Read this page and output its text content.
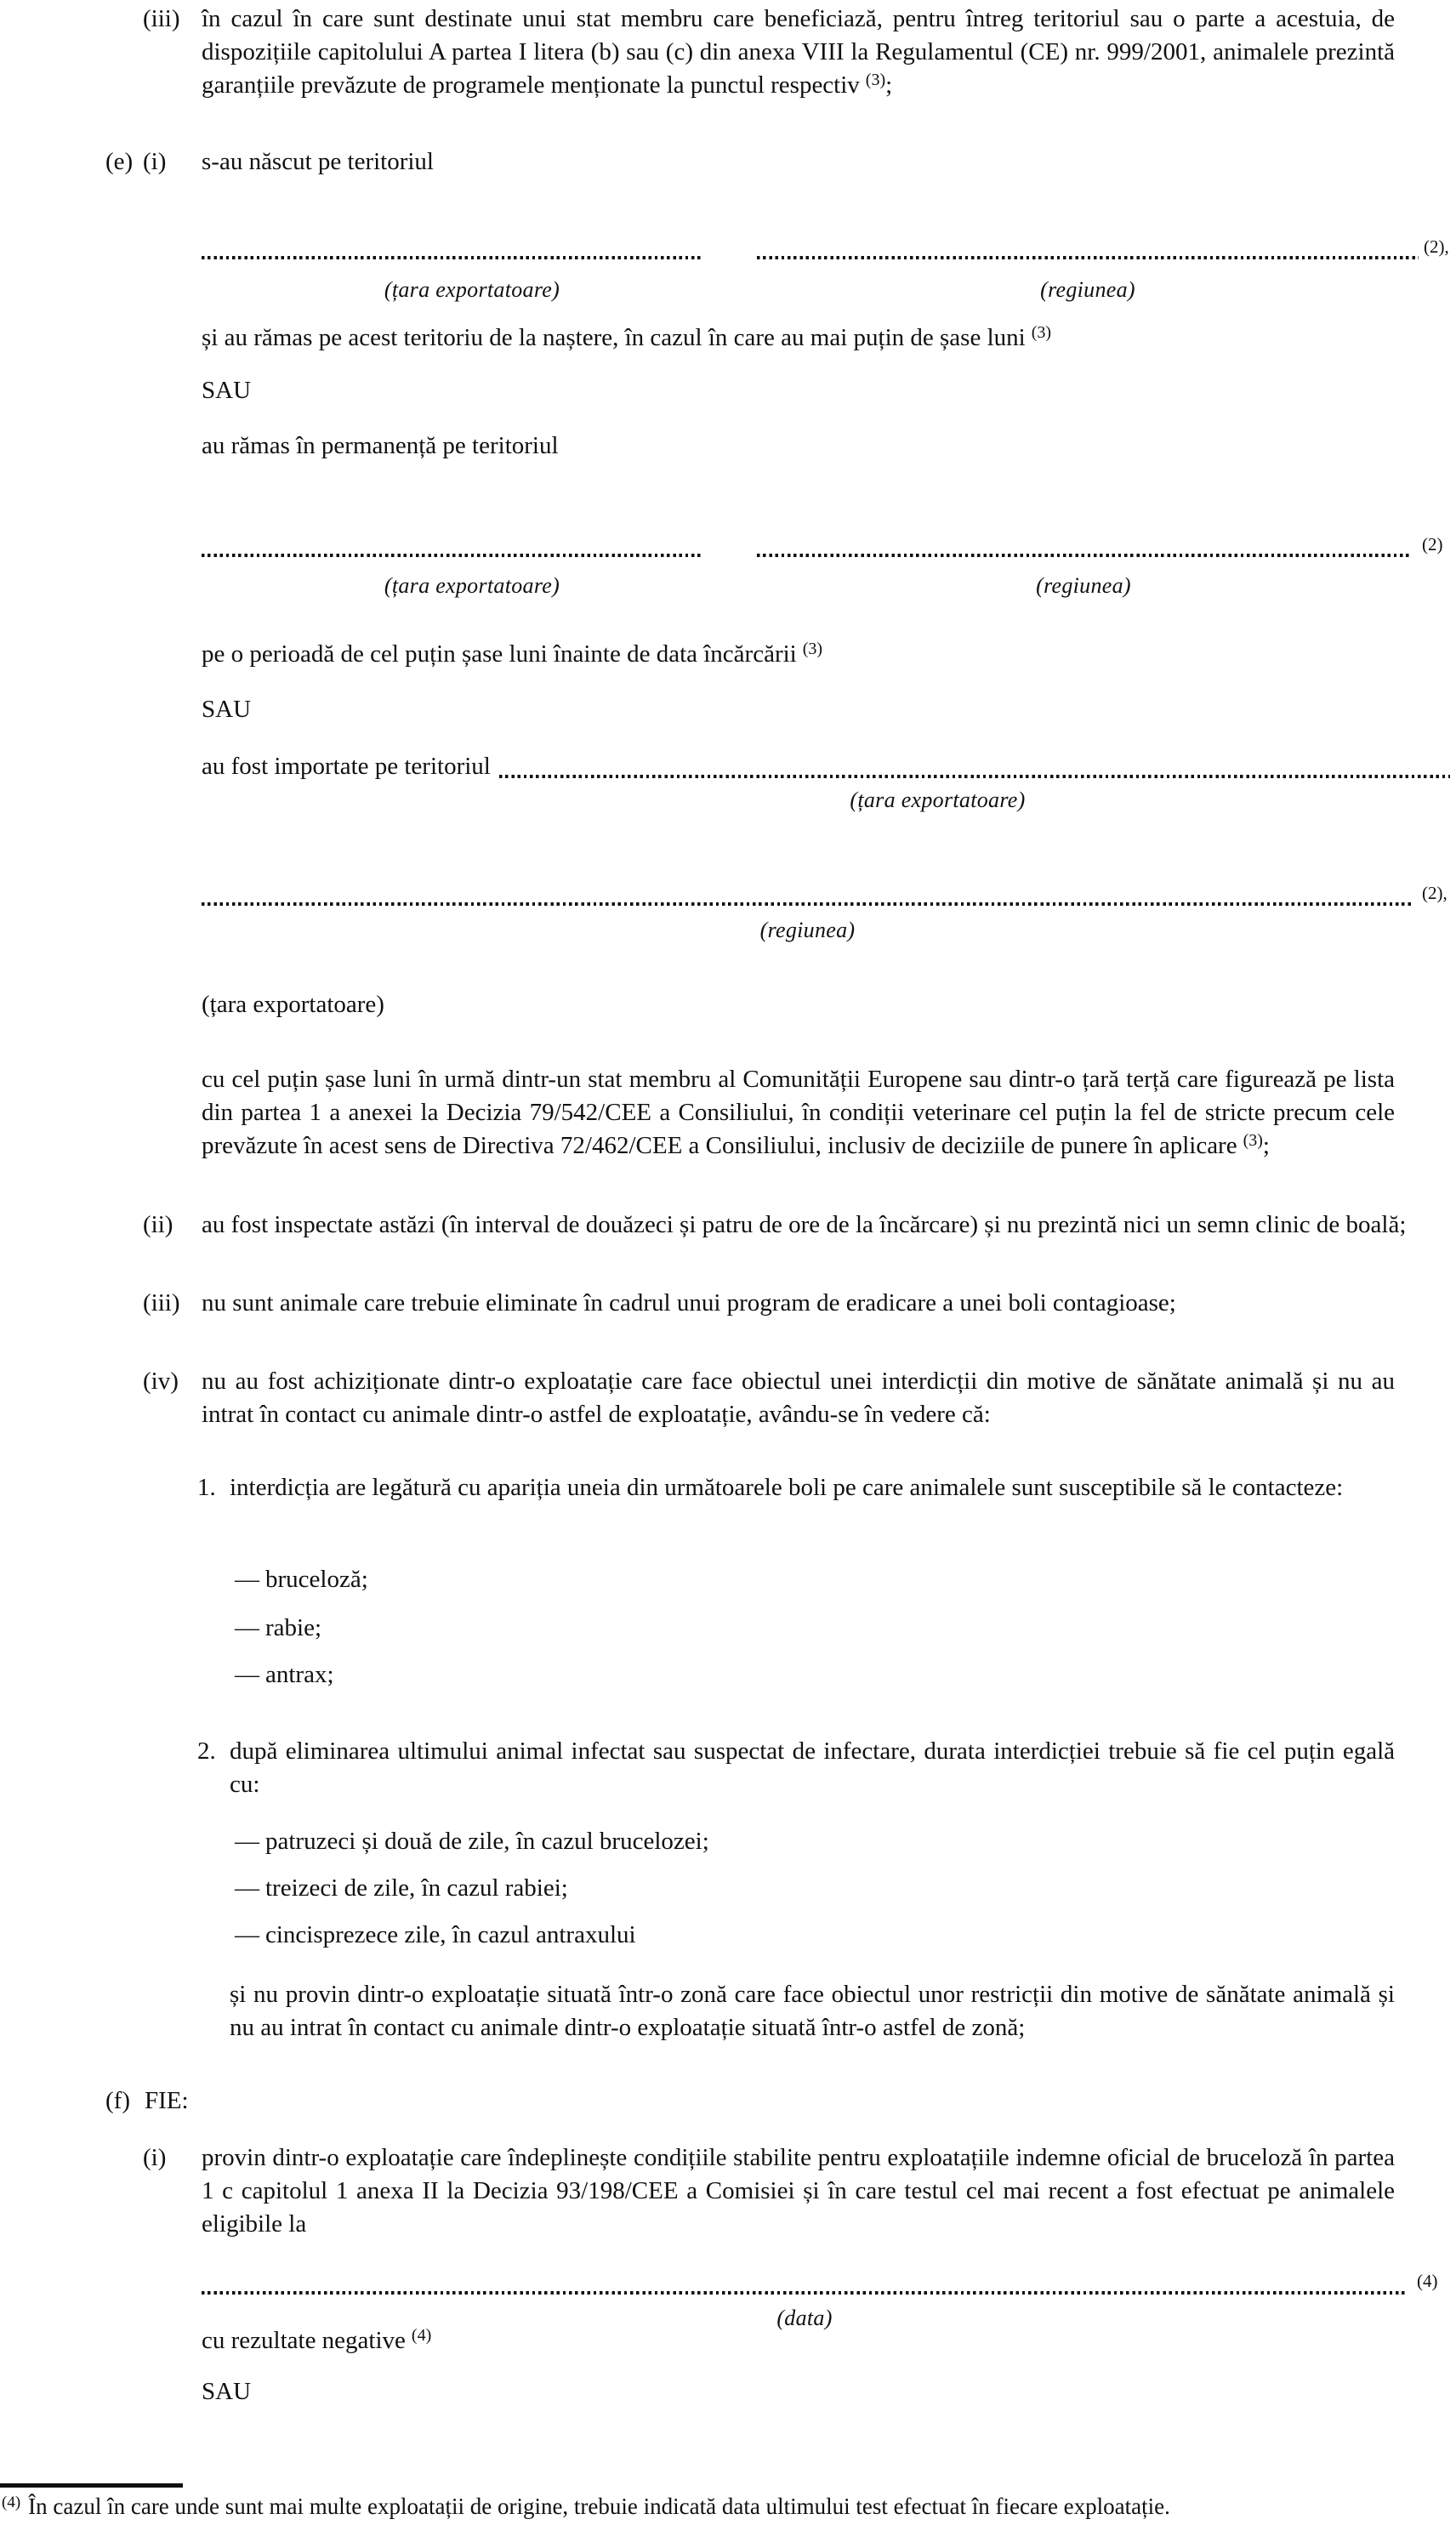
(iii) în cazul în care sunt destinate unui stat membru care beneficiază, pentru întreg teritoriul sau o parte a acestuia, de dispozițiile capitolului A partea I litera (b) sau (c) din anexa VIII la Regulamentul (CE) nr. 999/2001, animalele prezintă garanțiile prevăzute de programele menționate la punctul respectiv $^{(3)}$;
(e) (i) s-au născut pe teritoriul
(2),
(țara exportatoare)	(regiunea)
și au rămas pe acest teritoriu de la naștere, în cazul în care au mai puțin de șase luni $^{(3)}$
SAU
au rămas în permanență pe teritoriul
(2)
(țara exportatoare)	(regiunea)
pe o perioadă de cel puțin șase luni înainte de data încărcării $^{(3)}$
SAU
au fost importate pe teritoriul
(țara exportatoare)
(2),
(regiunea)
(țara exportatoare)
cu cel puțin șase luni în urmă dintr-un stat membru al Comunității Europene sau dintr-o țară terță care figurează pe lista din partea 1 a anexei la Decizia 79/542/CEE a Consiliului, în condiții veterinare cel puțin la fel de stricte precum cele prevăzute în acest sens de Directiva 72/462/CEE a Consiliului, inclusiv de deciziile de punere în aplicare $^{(3)}$;
(ii) au fost inspectate astăzi (în interval de douăzeci și patru de ore de la încărcare) și nu prezintă nici un semn clinic de boală;
(iii) nu sunt animale care trebuie eliminate în cadrul unui program de eradicare a unei boli contagioase;
(iv) nu au fost achiziționate dintr-o exploatație care face obiectul unei interdicții din motive de sănătate animală și nu au intrat în contact cu animale dintr-o astfel de exploatație, avându-se în vedere că:
1. interdicția are legătură cu apariția uneia din următoarele boli pe care animalele sunt susceptibile să le contacteze:
— bruceloză;
— rabie;
— antrax;
2. după eliminarea ultimului animal infectat sau suspectat de infectare, durata interdicției trebuie să fie cel puțin egală cu:
— patruzeci și două de zile, în cazul brucelozei;
— treizeci de zile, în cazul rabiei;
— cincisprezece zile, în cazul antraxului
și nu provin dintr-o exploatație situată într-o zonă care face obiectul unor restricții din motive de sănătate animală și nu au intrat în contact cu animale dintr-o exploatație situată într-o astfel de zonă;
(f) FIE:
(i) provin dintr-o exploatație care îndeplinește condițiile stabilite pentru exploatațiile indemne oficial de bruceloză în partea 1 c capitolul 1 anexa II la Decizia 93/198/CEE a Comisiei și în care testul cel mai recent a fost efectuat pe animalele eligibile la
(4)
(data)
cu rezultate negative $^{(4)}$
SAU
$^{(4)}$ În cazul în care unde sunt mai multe exploatații de origine, trebuie indicată data ultimului test efectuat în fiecare exploatație.
